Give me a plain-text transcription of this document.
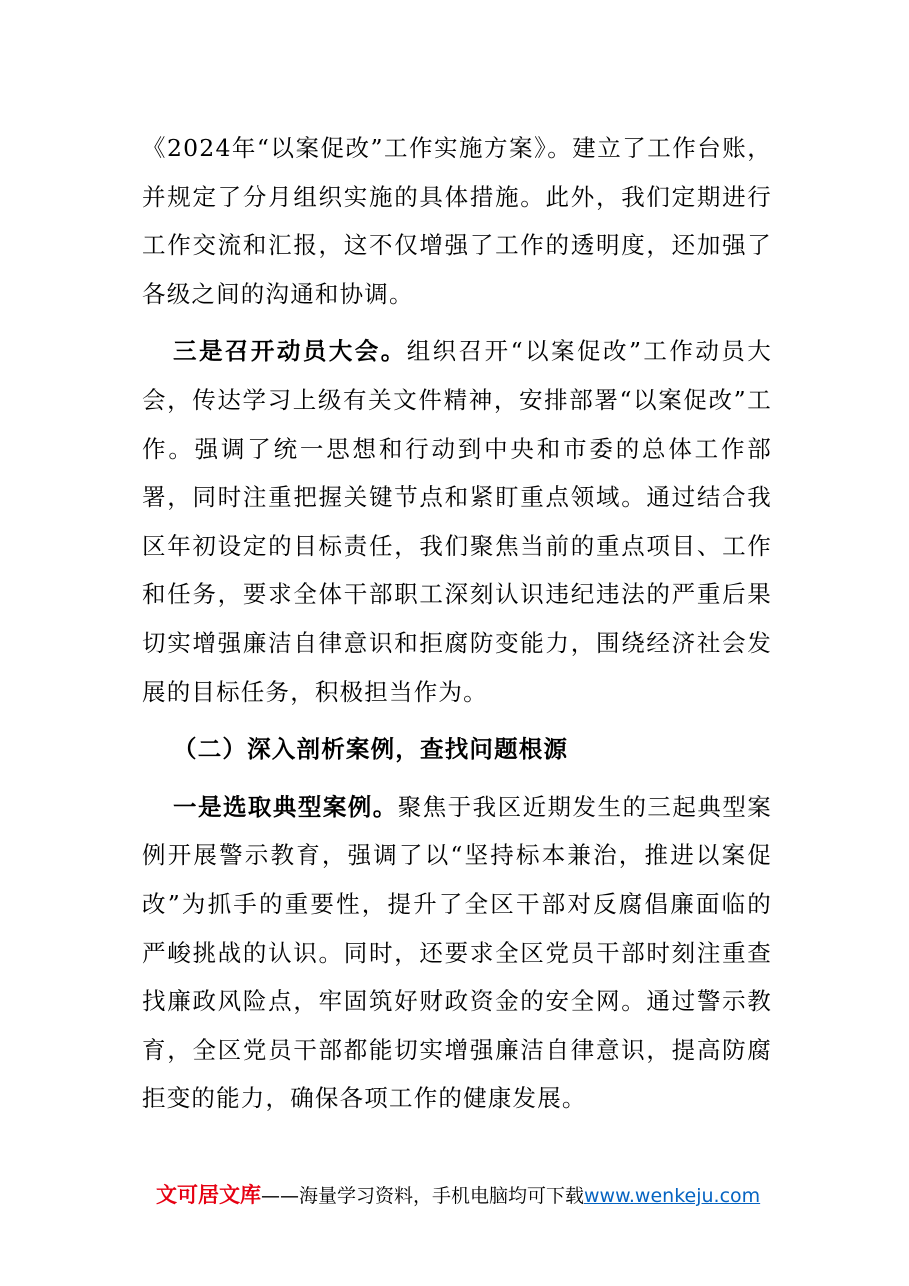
《2024年“以案促改”工作实施方案》。建立了工作台账，并规定了分月组织实施的具体措施。此外，我们定期进行工作交流和汇报，这不仅增强了工作的透明度，还加强了各级之间的沟通和协调。

三是召开动员大会。组织召开“以案促改”工作动员大会，传达学习上级有关文件精神，安排部署“以案促改”工作。强调了统一思想和行动到中央和市委的总体工作部署，同时注重把握关键节点和紧盯重点领域。通过结合我区年初设定的目标责任，我们聚焦当前的重点项目、工作和任务，要求全体干部职工深刻认识违纪违法的严重后果切实增强廉洁自律意识和拒腐防变能力，围绕经济社会发展的目标任务，积极担当作为。

（二）深入剖析案例，查找问题根源

一是选取典型案例。聚焦于我区近期发生的三起典型案例开展警示教育，强调了以“坚持标本兼治，推进以案促改”为抓手的重要性，提升了全区干部对反腐倡廉面临的严峻挑战的认识。同时，还要求全区党员干部时刻注重查找廉政风险点，牢固筑好财政资金的安全网。通过警示教育，全区党员干部都能切实增强廉洁自律意识，提高防腐拒变的能力，确保各项工作的健康发展。

文可居文库——海量学习资料，手机电脑均可下载www.wenkeju.com
